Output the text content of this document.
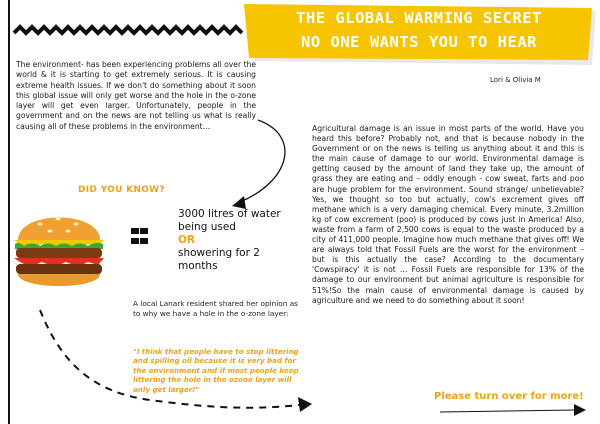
THE GLOBAL WARMING SECRET
NO ONE WANTS YOU TO HEAR
Lori & Olivia M
The environment- has been experiencing problems all over the world & it is starting to get extremely serious. It is causing extreme health issues. If we don't do something about it soon this global issue will only get worse and the hole in the o-zone layer will get even larger. Unfortunately, people in the government and on the news are not telling us what is really causing all of these problems in the environment…
DID YOU KNOW?
3000 litres of water
being used
OR
showering for 2
months
A local Lanark resident shared her opinion as to why we have a hole in the o-zone layer:
"I think that people have to stop littering and spilling oil because it is very bad for the environment and if most people keep littering the hole in the ozone layer will only get larger!"
Agricultural damage is an issue in most parts of the world. Have you heard this before? Probably not, and that is because nobody in the Government or on the news is telling us anything about it and this is the main cause of damage to our world. Environmental damage is getting caused by the amount of land they take up, the amount of grass they are eating and – oddly enough - cow sweat, farts and poo are huge problem for the environment. Sound strange/ unbelievable? Yes, we thought so too but actually, cow's excrement gives off methane which is a very damaging chemical. Every minute, 3.2million kg of cow excrement (poo) is produced by cows just in America! Also, waste from a farm of 2,500 cows is equal to the waste produced by a city of 411,000 people. Imagine how much methane that gives off! We are always told that Fossil Fuels are the worst for the environment – but is this actually the case? According to the documentary 'Cowspiracy' it is not … Fossil Fuels are responsible for 13% of the damage to our environment but animal agriculture is responsible for 51%!So the main cause of environmental damage is caused by agriculture and we need to do something about it soon!
Please turn over for more!
